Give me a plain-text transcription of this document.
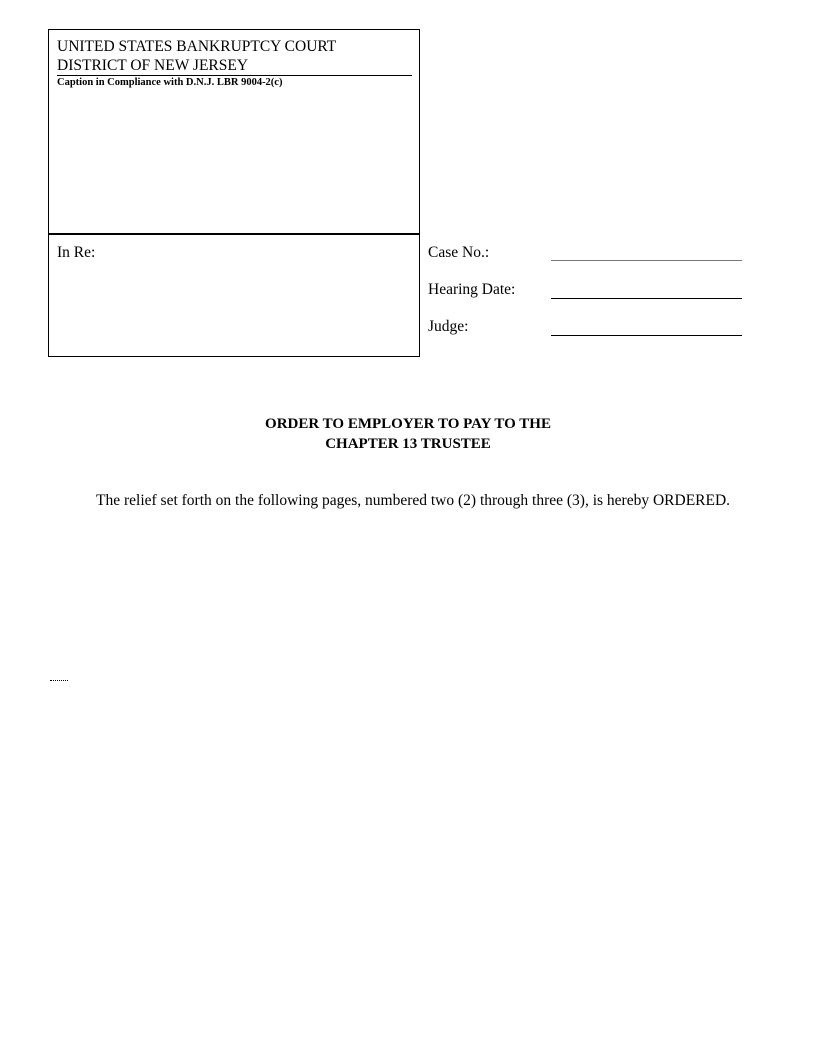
UNITED STATES BANKRUPTCY COURT
DISTRICT OF NEW JERSEY
Caption in Compliance with D.N.J. LBR 9004-2(c)
In Re:	Case No.:
Hearing Date:
Judge:
ORDER TO EMPLOYER TO PAY TO THE
CHAPTER 13 TRUSTEE
The relief set forth on the following pages, numbered two (2) through three (3), is hereby ORDERED.
